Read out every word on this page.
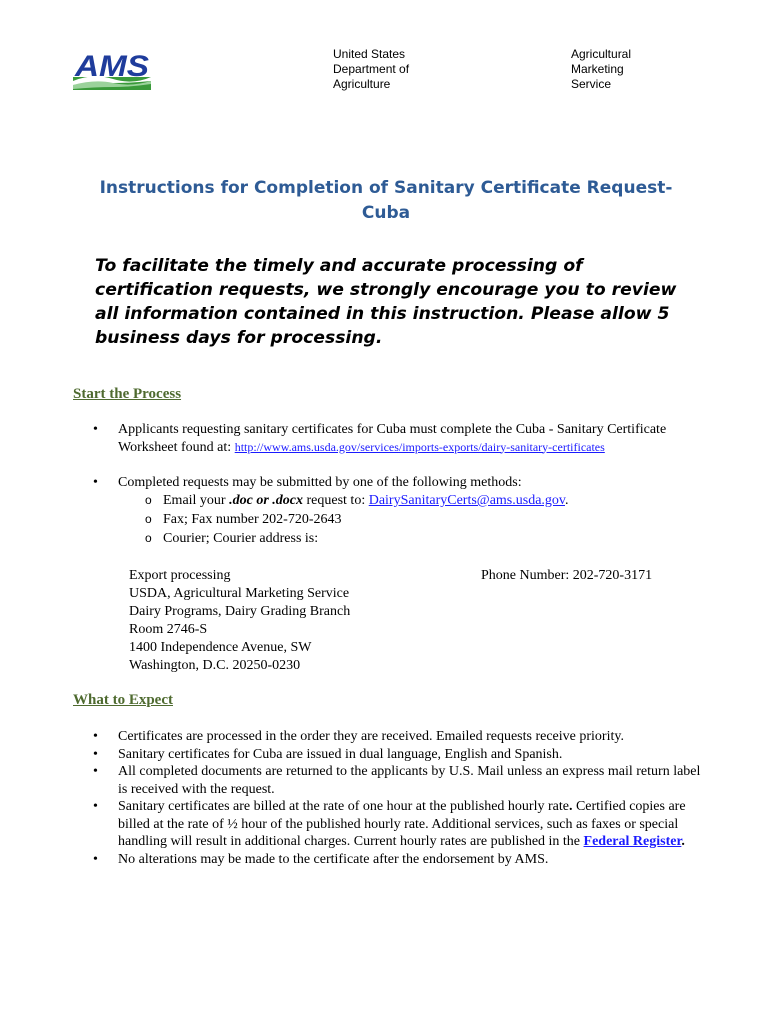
AMS	United States
Department of
Agriculture
Agricultural
Marketing
Service
Instructions for Completion of Sanitary Certificate Request- Cuba
To facilitate the timely and accurate processing of certification requests, we strongly encourage you to review all information contained in this instruction. Please allow 5 business days for processing.
Start the Process
• Applicants requesting sanitary certificates for Cuba must complete the Cuba - Sanitary Certificate Worksheet found at: http://www.ams.usda.gov/services/imports-exports/dairy-sanitary-certificates
• Completed requests may be submitted by one of the following methods:
o Email your .doc or .docx request to: DairySanitaryCerts@ams.usda.gov.
o Fax; Fax number 202-720-2643
o Courier; Courier address is:
Export processing
USDA, Agricultural Marketing Service
Dairy Programs, Dairy Grading Branch
Room 2746-S
1400 Independence Avenue, SW
Washington, D.C. 20250-0230
Phone Number: 202-720-3171
What to Expect
• Certificates are processed in the order they are received. Emailed requests receive priority.
• Sanitary certificates for Cuba are issued in dual language, English and Spanish.
• All completed documents are returned to the applicants by U.S. Mail unless an express mail return label is received with the request.
• Sanitary certificates are billed at the rate of one hour at the published hourly rate. Certified copies are billed at the rate of ½ hour of the published hourly rate. Additional services, such as faxes or special handling will result in additional charges. Current hourly rates are published in the Federal Register.
• No alterations may be made to the certificate after the endorsement by AMS.
